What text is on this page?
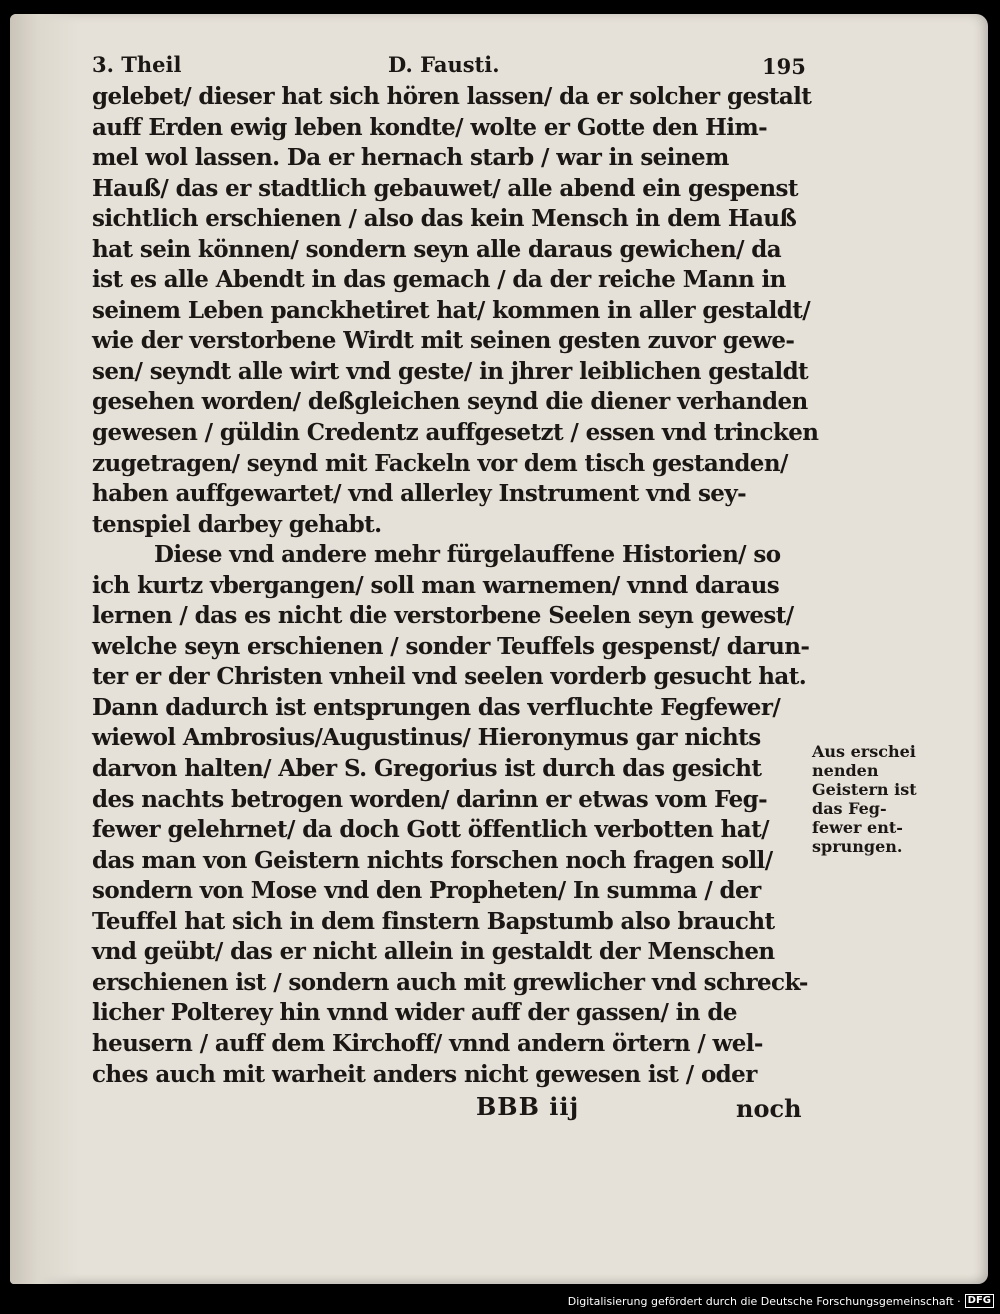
3. Theil	D. Fausti.	195
gelebet/ dieser hat sich hören lassen/ da er solcher gestalt
auff Erden ewig leben kondte/ wolte er Gotte den Him-
mel wol lassen. Da er hernach starb / war in seinem
Hauß/ das er stadtlich gebauwet/ alle abend ein gespenst
sichtlich erschienen / also das kein Mensch in dem Hauß
hat sein können/ sondern seyn alle daraus gewichen/ da
ist es alle Abendt in das gemach / da der reiche Mann in
seinem Leben panckhetiret hat/ kommen in aller gestaldt/
wie der verstorbene Wirdt mit seinen gesten zuvor gewe-
sen/ seyndt alle wirt vnd geste/ in jhrer leiblichen gestaldt
gesehen worden/ deßgleichen seynd die diener verhanden
gewesen / güldin Credentz auffgesetzt / essen vnd trincken
zugetragen/ seynd mit Fackeln vor dem tisch gestanden/
haben auffgewartet/ vnd allerley Instrument vnd sey-
tenspiel darbey gehabt.
Diese vnd andere mehr fürgelauffene Historien/ so
ich kurtz vbergangen/ soll man warnemen/ vnnd daraus
lernen / das es nicht die verstorbene Seelen seyn gewest/
welche seyn erschienen / sonder Teuffels gespenst/ darun-
ter er der Christen vnheil vnd seelen vorderb gesucht hat.
Dann dadurch ist entsprungen das verfluchte Fegfewer/
wiewol Ambrosius/Augustinus/ Hieronymus gar nichts
darvon halten/ Aber S. Gregorius ist durch das gesicht
des nachts betrogen worden/ darinn er etwas vom Feg-
fewer gelehrnet/ da doch Gott öffentlich verbotten hat/
das man von Geistern nichts forschen noch fragen soll/
sondern von Mose vnd den Propheten/ In summa / der
Teuffel hat sich in dem finstern Bapstumb also braucht
vnd geübt/ das er nicht allein in gestaldt der Menschen
erschienen ist / sondern auch mit grewlicher vnd schreck-
licher Polterey hin vnnd wider auff der gassen/ in de
heusern / auff dem Kirchoff/ vnnd andern örtern / wel-
ches auch mit warheit anders nicht gewesen ist / oder
BBB iij	noch
Aus erschei
nenden
Geistern ist
das Feg-
fewer ent-
sprungen.
Digitalisierung gefördert durch die Deutsche Forschungsgemeinschaft · DFG
